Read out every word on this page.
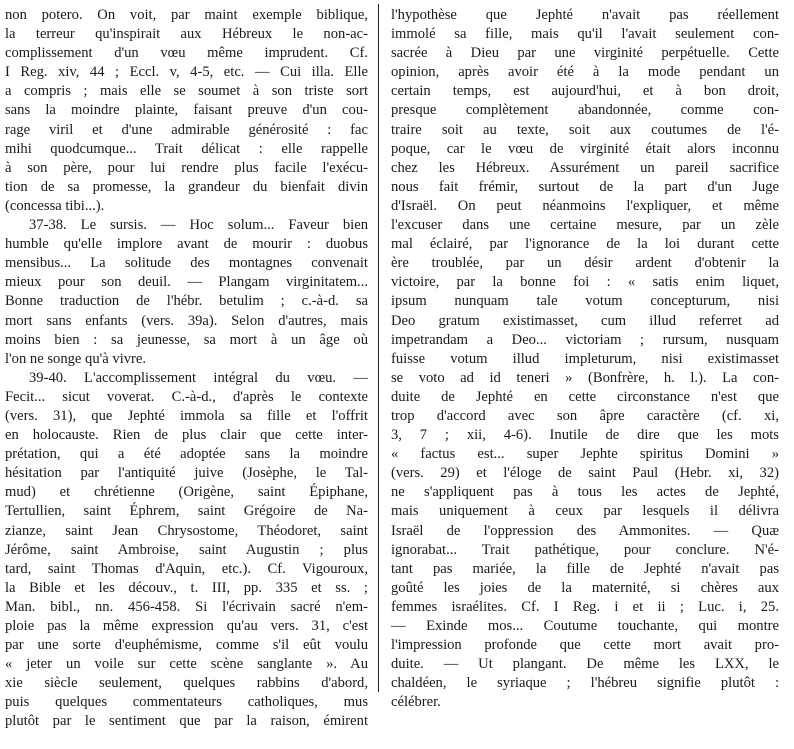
non potero. On voit, par maint exemple biblique,
la terreur qu'inspirait aux Hébreux le non-ac-
complissement d'un vœu même imprudent. Cf.
I Reg. xiv, 44 ; Eccl. v, 4-5, etc. — Cui illa. Elle
a compris ; mais elle se soumet à son triste sort
sans la moindre plainte, faisant preuve d'un cou-
rage viril et d'une admirable générosité : fac
mihi quodcumque... Trait délicat : elle rappelle
à son père, pour lui rendre plus facile l'exécu-
tion de sa promesse, la grandeur du bienfait divin
(concessa tibi...).
37-38. Le sursis. — Hoc solum... Faveur bien
humble qu'elle implore avant de mourir : duobus
mensibus... La solitude des montagnes convenait
mieux pour son deuil. — Plangam virginitatem...
Bonne traduction de l'hébr. betulim ; c.-à-d. sa
mort sans enfants (vers. 39a). Selon d'autres, mais
moins bien : sa jeunesse, sa mort à un âge où
l'on ne songe qu'à vivre.
39-40. L'accomplissement intégral du vœu. —
Fecit... sicut voverat. C.-à-d., d'après le contexte
(vers. 31), que Jephté immola sa fille et l'offrit
en holocauste. Rien de plus clair que cette inter-
prétation, qui a été adoptée sans la moindre
hésitation par l'antiquité juive (Josèphe, le Tal-
mud) et chrétienne (Origène, saint Épiphane,
Tertullien, saint Éphrem, saint Grégoire de Na-
zianze, saint Jean Chrysostome, Théodoret, saint
Jérôme, saint Ambroise, saint Augustin ; plus
tard, saint Thomas d'Aquin, etc.). Cf. Vigouroux,
la Bible et les découv., t. III, pp. 335 et ss. ;
Man. bibl., nn. 456-458. Si l'écrivain sacré n'em-
ploie pas la même expression qu'au vers. 31, c'est
par une sorte d'euphémisme, comme s'il eût voulu
« jeter un voile sur cette scène sanglante ». Au
xie siècle seulement, quelques rabbins d'abord,
puis quelques commentateurs catholiques, mus
plutôt par le sentiment que par la raison, émirent
l'hypothèse que Jephté n'avait pas réellement
immolé sa fille, mais qu'il l'avait seulement con-
sacrée à Dieu par une virginité perpétuelle. Cette
opinion, après avoir été à la mode pendant un
certain temps, est aujourd'hui, et à bon droit,
presque complètement abandonnée, comme con-
traire soit au texte, soit aux coutumes de l'é-
poque, car le vœu de virginité était alors inconnu
chez les Hébreux. Assurément un pareil sacrifice
nous fait frémir, surtout de la part d'un Juge
d'Israël. On peut néanmoins l'expliquer, et même
l'excuser dans une certaine mesure, par un zèle
mal éclairé, par l'ignorance de la loi durant cette
ère troublée, par un désir ardent d'obtenir la
victoire, par la bonne foi : « satis enim liquet,
ipsum nunquam tale votum concepturum, nisi
Deo gratum existimasset, cum illud referret ad
impetrandam a Deo... victoriam ; rursum, nusquam
fuisse votum illud impleturum, nisi existimasset
se voto ad id teneri » (Bonfrère, h. l.). La con-
duite de Jephté en cette circonstance n'est que
trop d'accord avec son âpre caractère (cf. xi,
3, 7 ; xii, 4-6). Inutile de dire que les mots
« factus est... super Jephte spiritus Domini »
(vers. 29) et l'éloge de saint Paul (Hebr. xi, 32)
ne s'appliquent pas à tous les actes de Jephté,
mais uniquement à ceux par lesquels il délivra
Israël de l'oppression des Ammonites. — Quæ
ignorabat... Trait pathétique, pour conclure. N'é-
tant pas mariée, la fille de Jephté n'avait pas
goûté les joies de la maternité, si chères aux
femmes israélites. Cf. I Reg. i et ii ; Luc. i, 25.
— Exinde mos... Coutume touchante, qui montre
l'impression profonde que cette mort avait pro-
duite. — Ut plangant. De même les LXX, le
chaldéen, le syriaque ; l'hébreu signifie plutôt :
célébrer.
